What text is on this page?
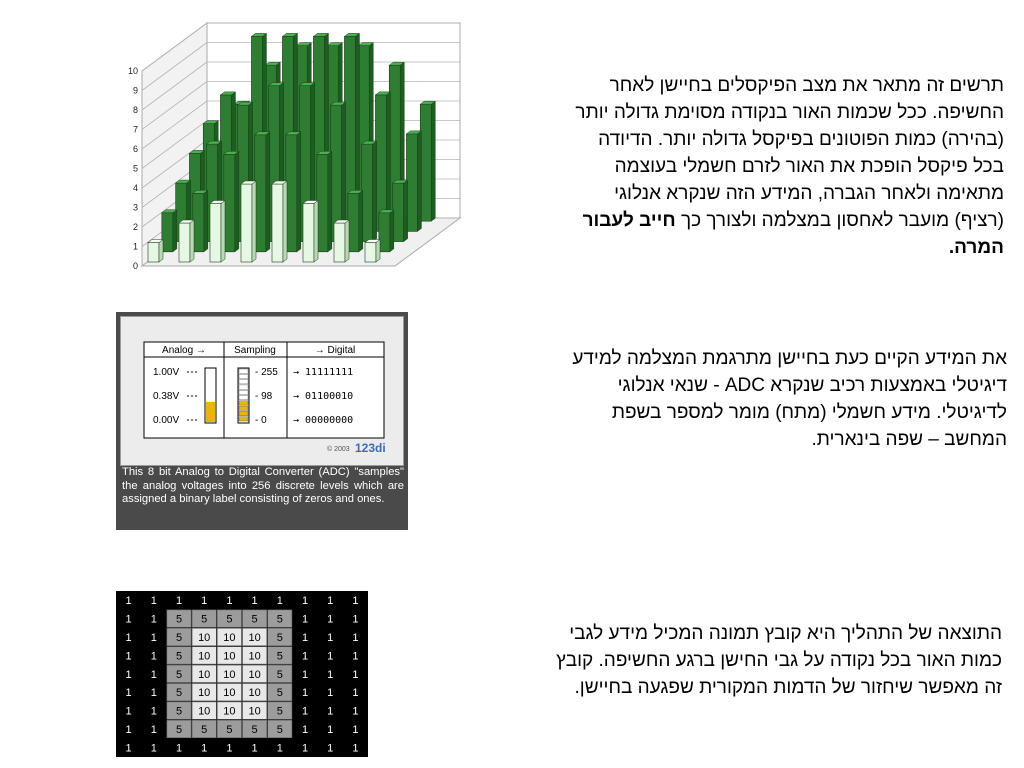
0
1
2
3
4
5
6
7
8
9
10
תרשים זה מתאר את מצב הפיקסלים בחיישן לאחר
החשיפה. ככל שכמות האור בנקודה מסוימת גדולה יותר
(בהירה) כמות הפוטונים בפיקסל גדולה יותר. הדיודה
בכל פיקסל הופכת את האור לזרם חשמלי בעוצמה
מתאימה ולאחר הגברה, המידע הזה שנקרא אנלוגי
(רציף) מועבר לאחסון במצלמה ולצורך כך חייב לעבור
המרה.
Analog →	Sampling	→ Digital
1.00V
0.38V
0.00V
- 255
- 98
- 0
→ 11111111
→ 01100010
→ 00000000
© 2003 123di
This 8 bit Analog to Digital Converter (ADC) "samples" the analog voltages into 256 discrete levels which are assigned a binary label consisting of zeros and ones.
את המידע הקיים כעת בחיישן מתרגמת המצלמה למידע
דיגיטלי באמצעות רכיב שנקרא ADC - שנאי אנלוגי
לדיגיטלי. מידע חשמלי (מתח) מומר למספר בשפת
המחשב – שפה בינארית.
1 1 1 1 1 1 1 1 1 1
1 1 5 5 5 5 5 1 1 1
1 1 5 10 10 10 5 1 1 1
1 1 5 10 10 10 5 1 1 1
1 1 5 10 10 10 5 1 1 1
1 1 5 10 10 10 5 1 1 1
1 1 5 10 10 10 5 1 1 1
1 1 5 5 5 5 5 1 1 1
1 1 1 1 1 1 1 1 1 1
התוצאה של התהליך היא קובץ תמונה המכיל מידע לגבי
כמות האור בכל נקודה על גבי החישן ברגע החשיפה. קובץ
זה מאפשר שיחזור של הדמות המקורית שפגעה בחיישן.
